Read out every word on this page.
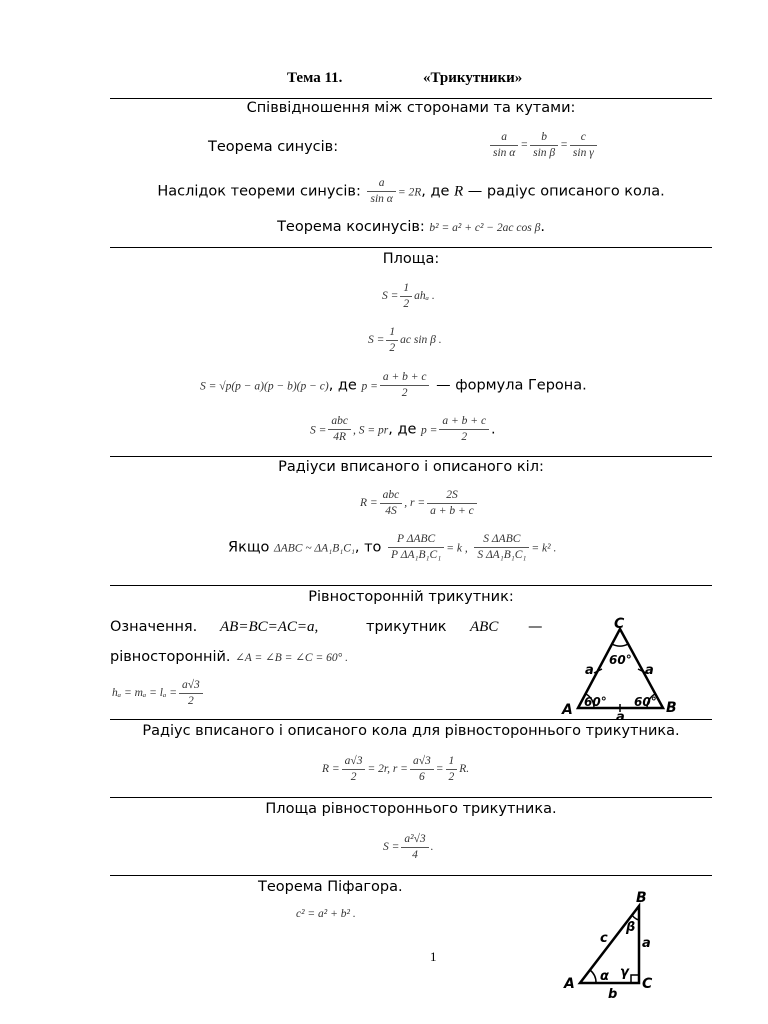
Тема 11.	«Трикутники»
Співвідношення між сторонами та кутами:
Теорема синусів:	$\frac{a}{\text{sin α}} = \frac{b}{\text{sin β}} = \frac{c}{\text{sin γ}}$
Наслідок теореми синусів: $\frac{a}{\text{sin α}} = 2R$, де R — радіус описаного кола.
Теорема косинусів: b² = a² + c² − 2ac cos β.
Площа:
$S = \frac{1}{2}$ ahₐ .
$S = \frac{1}{2}$ ac sin β .
S = √p(p − a)(p − b)(p − c), де $p = \frac{a + b + c}{2}$ — формула Герона.
$S = \frac{\text{abc}}{4R}$ , S = pr, де $p = \frac{a + b + c}{2}$ .
Радіуси вписаного і описаного кіл:
$R = \frac{\text{abc}}{4S}$ , $r = \frac{2S}{a + b + c}$
Якщо ΔABC ~ ΔA₁B₁C₁, то $\frac{\text{P ΔABC}}{\text{P ΔA₁B₁C₁}} = k$ , $\frac{\text{S ΔABC}}{\text{S ΔA₁B₁C₁}} = k^2$ .
Рівносторонній трикутник:
Означення. AB=BC=AC=a,	трикутник ABC —
рівносторонній. ∠A = ∠B = ∠C = 60° .
$h_a = m_a = l_a = \frac{a√3}{2}$
C
A	B
a	a
a
60°
60° 60°
Радіус вписаного і описаного кола для рівностороннього трикутника.
$R = \frac{a√3}{2} = 2r$, $r = \frac{a√3}{6} = \frac{1}{2} R$.
Площа рівностороннього трикутника.
$S = \frac{\text{a²√3}}{4}$ .
Теорема Піфагора.
c² = a² + b² .
1
B
A	C
a
b
c
α
β
γ
